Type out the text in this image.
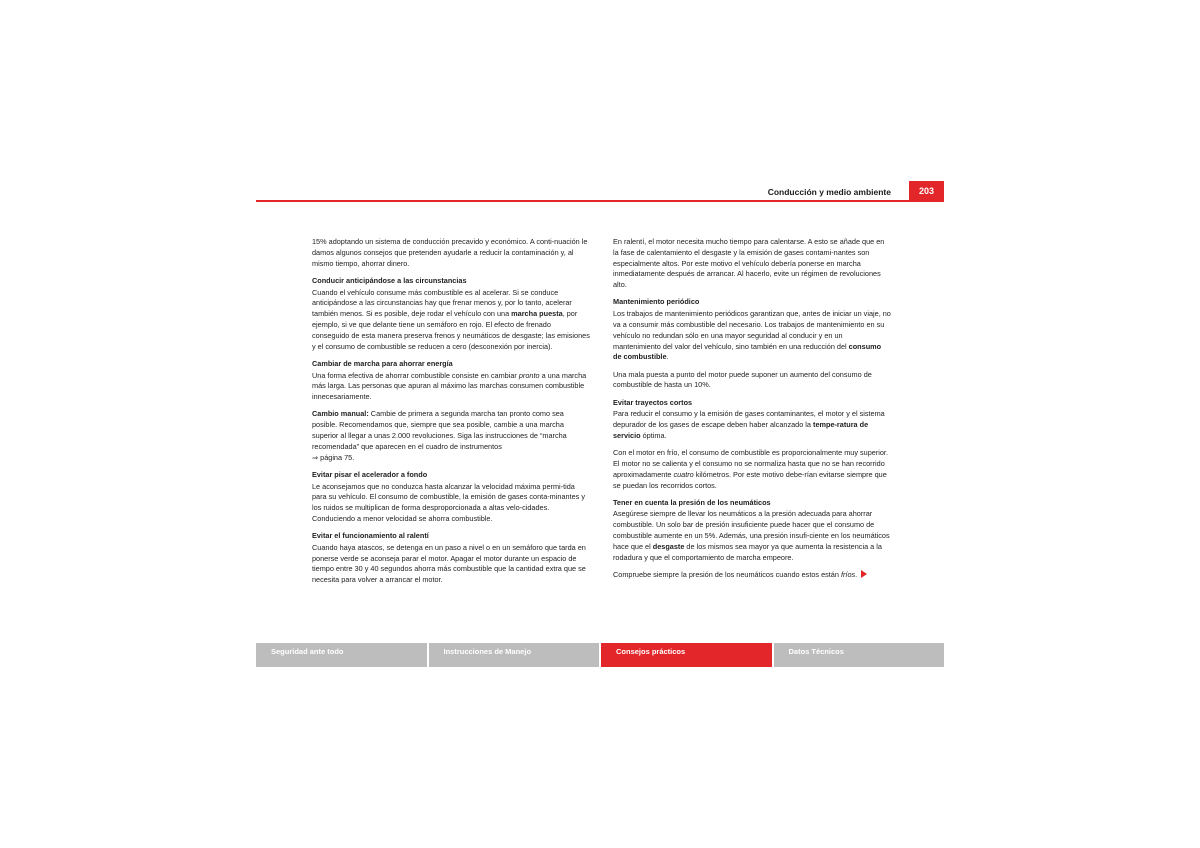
Conducción y medio ambiente	203

15% adoptando un sistema de conducción precavido y económico. A conti-nuación le damos algunos consejos que pretenden ayudarle a reducir la contaminación y, al mismo tiempo, ahorrar dinero.

Conducir anticipándose a las circunstancias

Cuando el vehículo consume más combustible es al acelerar. Si se conduce anticipándose a las circunstancias hay que frenar menos y, por lo tanto, acelerar también menos. Si es posible, deje rodar el vehículo con una marcha puesta, por ejemplo, si ve que delante tiene un semáforo en rojo. El efecto de frenado conseguido de esta manera preserva frenos y neumáticos de desgaste; las emisiones y el consumo de combustible se reducen a cero (desconexión por inercia).

Cambiar de marcha para ahorrar energía

Una forma efectiva de ahorrar combustible consiste en cambiar pronto a una marcha más larga. Las personas que apuran al máximo las marchas consumen combustible innecesariamente.

Cambio manual: Cambie de primera a segunda marcha tan pronto como sea posible. Recomendamos que, siempre que sea posible, cambie a una marcha superior al llegar a unas 2.000 revoluciones. Siga las instrucciones de “marcha recomendada” que aparecen en el cuadro de instrumentos
⇒ página 75.

Evitar pisar el acelerador a fondo

Le aconsejamos que no conduzca hasta alcanzar la velocidad máxima permi-tida para su vehículo. El consumo de combustible, la emisión de gases conta-minantes y los ruidos se multiplican de forma desproporcionada a altas velo-cidades. Conduciendo a menor velocidad se ahorra combustible.

Evitar el funcionamiento al ralentí

Cuando haya atascos, se detenga en un paso a nivel o en un semáforo que tarda en ponerse verde se aconseja parar el motor. Apagar el motor durante un espacio de tiempo entre 30 y 40 segundos ahorra más combustible que la cantidad extra que se necesita para volver a arrancar el motor.

En ralentí, el motor necesita mucho tiempo para calentarse. A esto se añade que en la fase de calentamiento el desgaste y la emisión de gases contami-nantes son especialmente altos. Por este motivo el vehículo debería ponerse en marcha inmediatamente después de arrancar. Al hacerlo, evite un régimen de revoluciones alto.

Mantenimiento periódico

Los trabajos de mantenimiento periódicos garantizan que, antes de iniciar un viaje, no va a consumir más combustible del necesario. Los trabajos de mantenimiento en su vehículo no redundan sólo en una mayor seguridad al conducir y en un mantenimiento del valor del vehículo, sino también en una reducción del consumo de combustible.

Una mala puesta a punto del motor puede suponer un aumento del consumo de combustible de hasta un 10%.

Evitar trayectos cortos

Para reducir el consumo y la emisión de gases contaminantes, el motor y el sistema depurador de los gases de escape deben haber alcanzado la tempe-ratura de servicio óptima.

Con el motor en frío, el consumo de combustible es proporcionalmente muy superior. El motor no se calienta y el consumo no se normaliza hasta que no se han recorrido aproximadamente cuatro kilómetros. Por este motivo debe-rían evitarse siempre que se puedan los recorridos cortos.

Tener en cuenta la presión de los neumáticos

Asegúrese siempre de llevar los neumáticos a la presión adecuada para ahorrar combustible. Un solo bar de presión insuficiente puede hacer que el consumo de combustible aumente en un 5%. Además, una presión insufi-ciente en los neumáticos hace que el desgaste de los mismos sea mayor ya que aumenta la resistencia a la rodadura y que el comportamiento de marcha empeore.

Compruebe siempre la presión de los neumáticos cuando estos están fríos.

Seguridad ante todo	Instrucciones de Manejo	Consejos prácticos	Datos Técnicos
